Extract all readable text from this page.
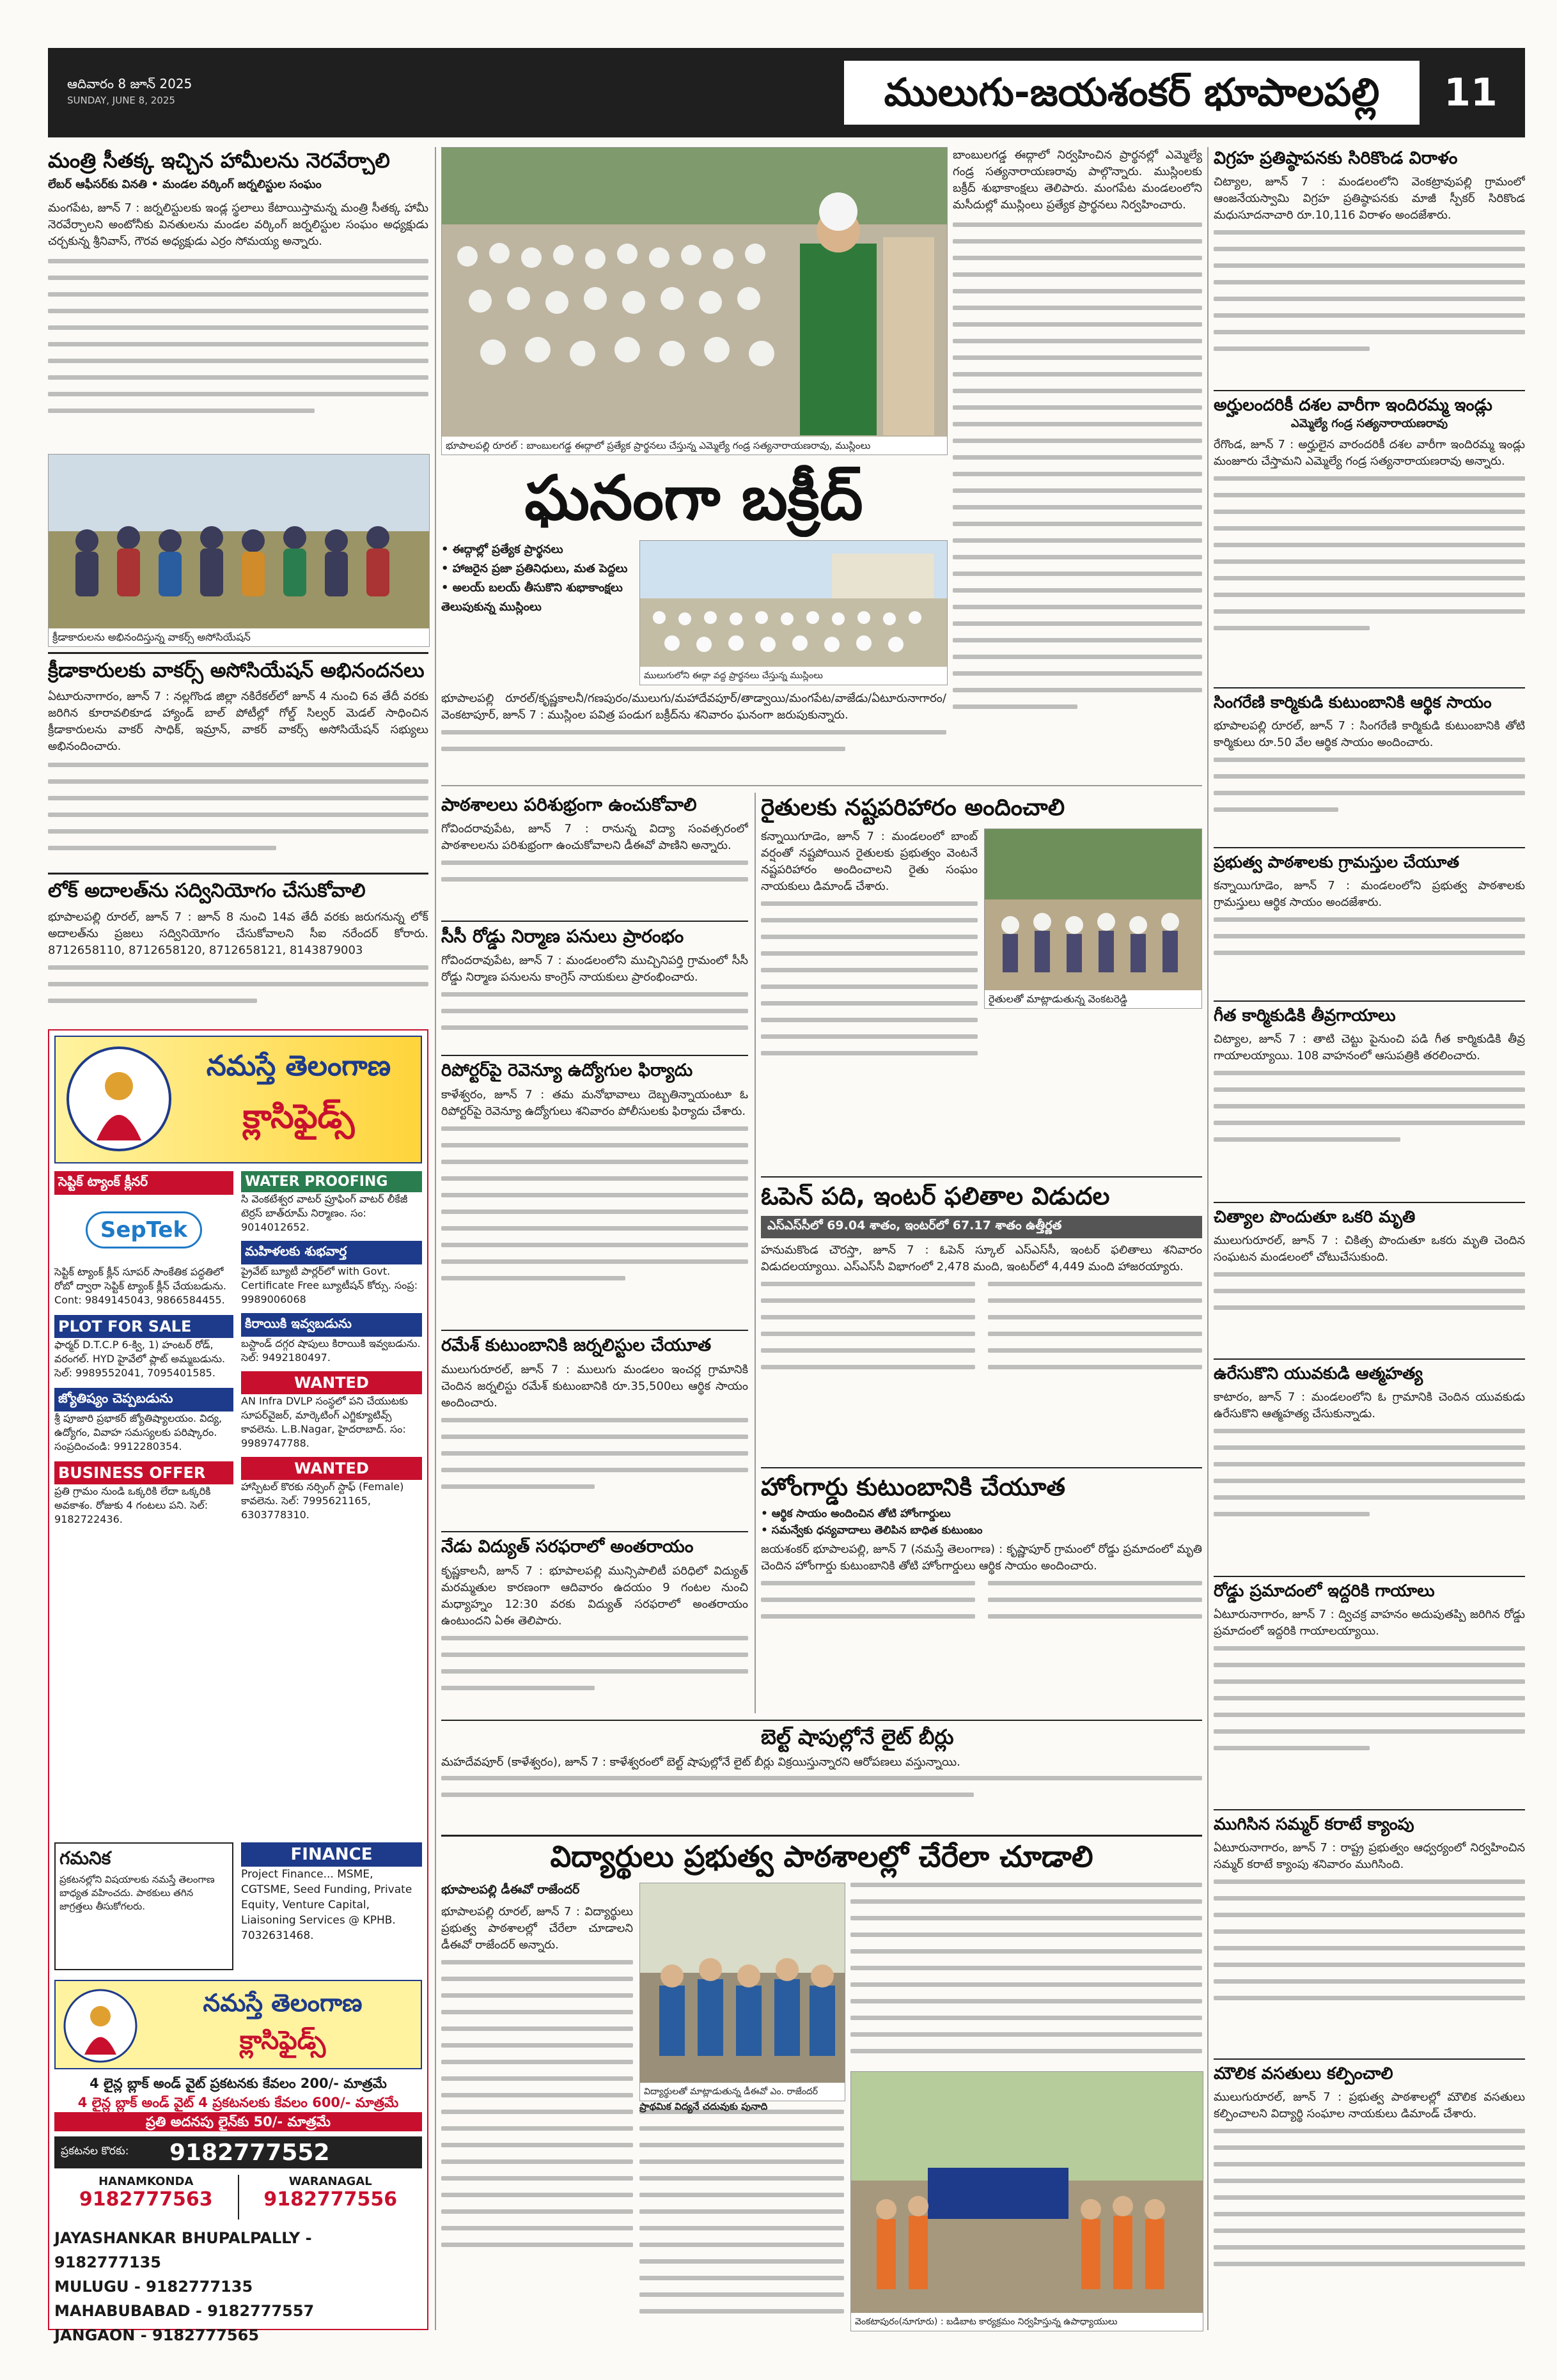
ఆదివారం 8 జూన్ 2025
SUNDAY, JUNE 8, 2025	ములుగు-జయశంకర్ భూపాలపల్లి	11
మంత్రి సీతక్క ఇచ్చిన హామీలను నెరవేర్చాలి
లేబర్ ఆఫీసర్‌కు వినతి • మండల వర్కింగ్ జర్నలిస్టుల సంఘం
మంగపేట, జూన్ 7 : జర్నలిస్టులకు ఇండ్ల స్థలాలు కేటాయిస్తామన్న మంత్రి సీతక్క హామీ నెరవేర్చాలని అంటోనీకు వినతులను మండల వర్కింగ్ జర్నలిస్టుల సంఘం అధ్యక్షుడు చర్చకున్న శ్రీనివాస్, గౌరవ అధ్యక్షుడు ఎర్రం సోమయ్య అన్నారు.
క్రీడాకారులను అభినందిస్తున్న వాకర్స్ అసోసియేషన్
క్రీడాకారులకు వాకర్స్ అసోసియేషన్ అభినందనలు
ఏటూరునాగారం, జూన్ 7 : నల్లగొండ జిల్లా నకిరేకల్‌లో జూన్ 4 నుంచి 6వ తేదీ వరకు జరిగిన కూరావలికూడ హ్యాండ్ బాల్ పోటీల్లో గోల్డ్ సిల్వర్ మెడల్ సాధించిన క్రీడాకారులను వాకర్ సాధిక్, ఇమ్రాన్, వాకర్ వాకర్స్ అసోసియేషన్ సభ్యులు అభినందించారు.
లోక్ అదాలత్‌ను సద్వినియోగం చేసుకోవాలి
భూపాలపల్లి రూరల్, జూన్ 7 : జూన్ 8 నుంచి 14వ తేదీ వరకు జరుగనున్న లోక్ అదాలత్‌ను ప్రజలు సద్వినియోగం చేసుకోవాలని సీఐ నరేందర్ కోరారు. 8712658110, 8712658120, 8712658121, 8143879003
నమస్తే తెలంగాణ
క్లాసిఫైడ్స్
సెప్టిక్ ట్యాంక్ క్లీనర్
SepTek
సెప్టిక్ ట్యాంక్ క్లీన్ సూపర్ సాంకేతిక పద్ధతిలో రోబో ద్వారా సెప్టిక్ ట్యాంక్ క్లీన్ చేయబడును. Cont: 9849145043, 9866584455.
PLOT FOR SALE
ఫార్మర్ D.T.C.P 6-క్వి, 1) హంటర్ రోడ్, వరంగల్. HYD హైవేలో ప్లాట్ అమ్మబడును. సెల్: 9989552041, 7095401585.
జ్యోతిష్యం చెప్పబడును
శ్రీ పూజారి ప్రభాకర్ జ్యోతిష్యాలయం. విద్య, ఉద్యోగం, వివాహ సమస్యలకు పరిష్కారం. సంప్రదించండి: 9912280354.
BUSINESS OFFER
ప్రతి గ్రామం నుండి ఒక్కరికి లేదా ఒక్కరికి అవకాశం. రోజుకు 4 గంటలు పని. సెల్: 9182722436.
WATER PROOFING
సి వెంకటేశ్వర వాటర్ ప్రూఫింగ్ వాటర్ లీకేజీ టెర్రస్ బాత్‌రూమ్ నిర్మాణం. సం: 9014012652.
మహిళలకు శుభవార్త
ప్రైవేట్ బ్యూటీ పార్లర్‌లో with Govt. Certificate Free బ్యూటీషన్ కోర్సు. సంప్ర: 9989006068
కిరాయికి ఇవ్వబడును
బస్టాండ్ దగ్గర షాపులు కిరాయికి ఇవ్వబడును. సెల్: 9492180497.
WANTED
AN Infra DVLP సంస్థలో పని చేయుటకు సూపర్‌వైజర్, మార్కెటింగ్ ఎగ్జిక్యూటివ్స్ కావలెను. L.B.Nagar, హైదరాబాద్. సం: 9989747788.
WANTED
హాస్పిటల్ కొరకు నర్సింగ్ స్టాఫ్ (Female) కావలెను. సెల్: 7995621165, 6303778310.
గమనిక
ప్రకటనల్లోని విషయాలకు నమస్తే తెలంగాణ బాధ్యత వహించదు. పాఠకులు తగిన జాగ్రత్తలు తీసుకోగలరు.
FINANCE
Project Finance... MSME, CGTSME, Seed Funding, Private Equity, Venture Capital, Liaisoning Services @ KPHB. 7032631468.
నమస్తే తెలంగాణ
క్లాసిఫైడ్స్
4 లైన్ల బ్లాక్ అండ్ వైట్ ప్రకటనకు కేవలం 200/- మాత్రమే
4 లైన్ల బ్లాక్ అండ్ వైట్ 4 ప్రకటనలకు కేవలం 600/- మాత్రమే
ప్రతి అదనపు లైన్‌కు 50/- మాత్రమే
ప్రకటనల కొరకు:	9182777552
HANAMKONDA
9182777563
WARANAGAL
9182777556
JAYASHANKAR BHUPALPALLY - 9182777135
MULUGU - 9182777135
MAHABUBABAD - 9182777557
JANGAON - 9182777565
భూపాలపల్లి రూరల్ : బాంబులగడ్డ ఈద్గాలో ప్రత్యేక ప్రార్థనలు చేస్తున్న ఎమ్మెల్యే గండ్ర సత్యనారాయణరావు, ముస్లింలు
ఘనంగా బక్రీద్
• ఈద్గాల్లో ప్రత్యేక ప్రార్థనలు
• హాజరైన ప్రజా ప్రతినిధులు, మత పెద్దలు
• అలయ్ బలయ్ తీసుకొని శుభాకాంక్షలు తెలుపుకున్న ముస్లింలు
ములుగులోని ఈద్గా వద్ద ప్రార్థనలు చేస్తున్న ముస్లింలు
భూపాలపల్లి రూరల్/కృష్ణకాలనీ/గణపురం/ములుగు/మహాదేవపూర్/తాడ్వాయి/మంగపేట/వాజేడు/ఏటూరునాగారం/వెంకటాపూర్, జూన్ 7 : ముస్లింల పవిత్ర పండుగ బక్రీద్‌ను శనివారం ఘనంగా జరుపుకున్నారు.
బాంబులగడ్డ ఈద్గాలో నిర్వహించిన ప్రార్థనల్లో ఎమ్మెల్యే గండ్ర సత్యనారాయణరావు పాల్గొన్నారు. ముస్లింలకు బక్రీద్ శుభాకాంక్షలు తెలిపారు. మంగపేట మండలంలోని మసీదుల్లో ముస్లింలు ప్రత్యేక ప్రార్థనలు నిర్వహించారు.
పాఠశాలలు పరిశుభ్రంగా ఉంచుకోవాలి
గోవిందరావుపేట, జూన్ 7 : రానున్న విద్యా సంవత్సరంలో పాఠశాలలను పరిశుభ్రంగా ఉంచుకోవాలని డీఈవో పాణిని అన్నారు.
సీసీ రోడ్డు నిర్మాణ పనులు ప్రారంభం
గోవిందరావుపేట, జూన్ 7 : మండలంలోని ముచ్చినిపర్తి గ్రామంలో సీసీ రోడ్డు నిర్మాణ పనులను కాంగ్రెస్ నాయకులు ప్రారంభించారు.
రిపోర్టర్‌పై రెవెన్యూ ఉద్యోగుల ఫిర్యాదు
కాళేశ్వరం, జూన్ 7 : తమ మనోభావాలు దెబ్బతిన్నాయంటూ ఓ రిపోర్టర్‌పై రెవెన్యూ ఉద్యోగులు శనివారం పోలీసులకు ఫిర్యాదు చేశారు.
రమేశ్ కుటుంబానికి జర్నలిస్టుల చేయూత
ములుగురూరల్, జూన్ 7 : ములుగు మండలం ఇంచర్ల గ్రామానికి చెందిన జర్నలిస్టు రమేశ్ కుటుంబానికి రూ.35,500లు ఆర్థిక సాయం అందించారు.
నేడు విద్యుత్ సరఫరాలో అంతరాయం
కృష్ణకాలనీ, జూన్ 7 : భూపాలపల్లి మున్సిపాలిటీ పరిధిలో విద్యుత్ మరమ్మతుల కారణంగా ఆదివారం ఉదయం 9 గంటల నుంచి మధ్యాహ్నం 12:30 వరకు విద్యుత్ సరఫరాలో అంతరాయం ఉంటుందని ఏఈ తెలిపారు.
రైతులకు నష్టపరిహారం అందించాలి
కన్నాయిగూడెం, జూన్ 7 : మండలంలో బాంబ్ వర్షంతో నష్టపోయిన రైతులకు ప్రభుత్వం వెంటనే నష్టపరిహారం అందించాలని రైతు సంఘం నాయకులు డిమాండ్ చేశారు.
రైతులతో మాట్లాడుతున్న వెంకటరెడ్డి
ఓపెన్ పది, ఇంటర్ ఫలితాల విడుదల
ఎస్ఎస్‌సీలో 69.04 శాతం, ఇంటర్‌లో 67.17 శాతం ఉత్తీర్ణత
హనుమకొండ చౌరస్తా, జూన్ 7 : ఓపెన్ స్కూల్ ఎస్ఎస్‌సీ, ఇంటర్ ఫలితాలు శనివారం విడుదలయ్యాయి. ఎస్ఎస్‌సీ విభాగంలో 2,478 మంది, ఇంటర్‌లో 4,449 మంది హాజరయ్యారు.
హోంగార్డు కుటుంబానికి చేయూత
• ఆర్థిక సాయం అందించిన తోటి హోంగార్డులు
• సమన్వేకు ధన్యవాదాలు తెలిపిన బాధిత కుటుంబం
జయశంకర్ భూపాలపల్లి, జూన్ 7 (నమస్తే తెలంగాణ) : కృష్ణాపూర్ గ్రామంలో రోడ్డు ప్రమాదంలో మృతి చెందిన హోంగార్డు కుటుంబానికి తోటి హోంగార్డులు ఆర్థిక సాయం అందించారు.
బెల్ట్ షాపుల్లోనే లైట్ బీర్లు
మహదేవపూర్ (కాళేశ్వరం), జూన్ 7 : కాళేశ్వరంలో బెల్ట్ షాపుల్లోనే లైట్ బీర్లు విక్రయిస్తున్నారని ఆరోపణలు వస్తున్నాయి.
విద్యార్థులు ప్రభుత్వ పాఠశాలల్లో చేరేలా చూడాలి
భూపాలపల్లి డీఈవో రాజేందర్
భూపాలపల్లి రూరల్, జూన్ 7 : విద్యార్థులు ప్రభుత్వ పాఠశాలల్లో చేరేలా చూడాలని డీఈవో రాజేందర్ అన్నారు.
విద్యార్థులతో మాట్లాడుతున్న డీఈవో ఎం. రాజేందర్
వెంకటాపురం(నూగూరు) : బడిబాట కార్యక్రమం నిర్వహిస్తున్న ఉపాధ్యాయులు
ప్రాథమిక విద్యనే చదువుకు పునాది
విగ్రహ ప్రతిష్ఠాపనకు సిరికొండ విరాళం
చిట్యాల, జూన్ 7 : మండలంలోని వెంకట్రావుపల్లి గ్రామంలో ఆంజనేయస్వామి విగ్రహ ప్రతిష్ఠాపనకు మాజీ స్పీకర్ సిరికొండ మధుసూదనాచారి రూ.10,116 విరాళం అందజేశారు.
అర్హులందరికీ దశల వారీగా ఇందిరమ్మ ఇండ్లు
ఎమ్మెల్యే గండ్ర సత్యనారాయణరావు
రేగొండ, జూన్ 7 : అర్హులైన వారందరికీ దశల వారీగా ఇందిరమ్మ ఇండ్లు మంజూరు చేస్తామని ఎమ్మెల్యే గండ్ర సత్యనారాయణరావు అన్నారు.
సింగరేణి కార్మికుడి కుటుంబానికి ఆర్థిక సాయం
భూపాలపల్లి రూరల్, జూన్ 7 : సింగరేణి కార్మికుడి కుటుంబానికి తోటి కార్మికులు రూ.50 వేల ఆర్థిక సాయం అందించారు.
ప్రభుత్వ పాఠశాలకు గ్రామస్తుల చేయూత
కన్నాయిగూడెం, జూన్ 7 : మండలంలోని ప్రభుత్వ పాఠశాలకు గ్రామస్తులు ఆర్థిక సాయం అందజేశారు.
గీత కార్మికుడికి తీవ్రగాయాలు
చిట్యాల, జూన్ 7 : తాటి చెట్టు పైనుంచి పడి గీత కార్మికుడికి తీవ్ర గాయాలయ్యాయి. 108 వాహనంలో ఆసుపత్రికి తరలించారు.
చిత్యాల పొందుతూ ఒకరి మృతి
ములుగురూరల్, జూన్ 7 : చికిత్స పొందుతూ ఒకరు మృతి చెందిన సంఘటన మండలంలో చోటుచేసుకుంది.
ఉరేసుకొని యువకుడి ఆత్మహత్య
కాటారం, జూన్ 7 : మండలంలోని ఓ గ్రామానికి చెందిన యువకుడు ఉరేసుకొని ఆత్మహత్య చేసుకున్నాడు.
రోడ్డు ప్రమాదంలో ఇద్దరికి గాయాలు
ఏటూరునాగారం, జూన్ 7 : ద్విచక్ర వాహనం అదుపుతప్పి జరిగిన రోడ్డు ప్రమాదంలో ఇద్దరికి గాయాలయ్యాయి.
ముగిసిన సమ్మర్ కరాటే క్యాంపు
ఏటూరునాగారం, జూన్ 7 : రాష్ట్ర ప్రభుత్వం ఆధ్వర్యంలో నిర్వహించిన సమ్మర్ కరాటే క్యాంపు శనివారం ముగిసింది.
మౌలిక వసతులు కల్పించాలి
ములుగురూరల్, జూన్ 7 : ప్రభుత్వ పాఠశాలల్లో మౌలిక వసతులు కల్పించాలని విద్యార్థి సంఘాల నాయకులు డిమాండ్ చేశారు.
